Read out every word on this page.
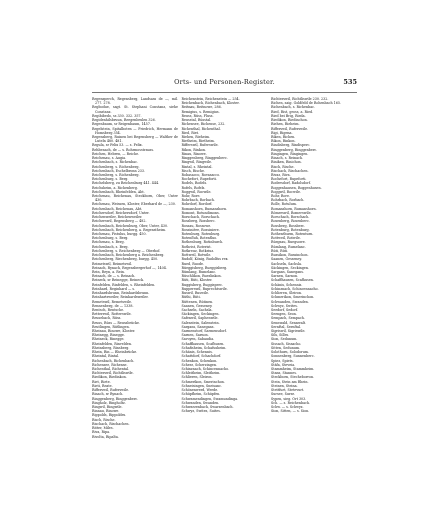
Orts- und Personen-Register.	535

Regensperch, Regensberg, Landsass de —, mil. 277. 278.

Regbodue, sagt. St. Stephani Constanz, siehe Constanz.

Regibibedo, ss 330. 332. 357.

Regidenhilsbruun, Reegenbrulen 326.

Regenbaum, sr Reigenbaum, 1457.

Regelstein, Spitalboten — Friedrich, Hermann de Homsberg 354.

Regensberg, Ruinen bei Regensberg — Walther de Luteln 480. 481.

Regula, sr Felix 53. — s. Felix.

Rehbenach, de — s. Rohrmosstrauss.

Reichen, Hebren, — Reiche.

Reichenau, s. Augia.

Reichenbach, s. Richenbac.

Reichenberg, s. Richenberg.

Reichenbach, Eschelbronn 233.

Reichenberg, s. Richenberg.

Reichenburg, s. Berg.

Reichelsberg, zu Reichenburg 441. 444.

Reichsheim, a. Richenberg.

Reichenbach, Rheinfelden, Abt.

Reichenau, Reichenau, Steckborn, Ober, Unter 430.

Reichenau, Weissen, Kloster, Eberhard de —, 230.

Reichenbach, Reichenau, Abt.

Reichersdorf, Reichersdorf, Unter.

Reichenweiler, Reichenweiler.

Reicherswil, Regensberg — 482.

Reichenbach, Reichenburg, Ober, Unter, 430.

Reichenbach, Reichenberg, a. Regenstheim.

Reichenau, Fistulus, burgg. 450.

Reichenburg, s. Berg.

Reichenau, s. Berg.

Reichenbach, s. Berg.

Reichenberg, s. Reichenberg — Oberhof.

Reichenbach, Reichenberg a. Reichenberg.

Reichenberg, Riechenberg, burgg. 450.

Reimetswil, Reimetswil.

Reinach, Rynach, Regensbergerhof —, 1404.

Rein, Reyn, a. Rein.

Reinach, de — s. Reinach.

Reineck, sr Reinegge, Reineck.

Reinfelden, Rinfelden, s. Rheinfelden.

Reinhard, Reginhard — s.

Reinhardsbrunn, Reinhardsbrunn.

Reinhartsweiler, Reinhardsweiler.

Remetswil, Remetswile.

Rennenberg, de — 1338.

Rentsch, Rentsche.

Retterswil, Rotterswile.

Reusebach, Rüss.

Reuss, Rüss — Reussbrücke.

Reutlingen, Rütlingen.

Rheinau, Rinowe, Kloster.

Rheinegg, Rinegge.

Rheineck, Rinegge.

Rheinfelden, Rinvelden.

Rheinsberg, Rinsberg.

Rhein, Rin — Rheinbrücke.

Rheintal, Rintal.

Richenbach, Richenbach.

Richensee, Richense.

Richenthal, Richental.

Richterswil, Richtliswile.

Riedikon, Riedinkon.

Riet, Riete.

Rieti, Reate.

Rifferswil, Ruferswile.

Rinach, sr Rynach.

Ringgenberg, Ringgenberc.

Ringholz, Ringholtz.

Ringwil, Ringwile.

Rinnau, Rinowe.

Rippolds, Rippoldes.

Risch, Rische.

Rischach, Rischachen.

Ritter, Miles.

Riva, Ripa.

Rivolta, Ripalta.

Reichenstein, Reichenstein — 254.

Reichenbach, Richenbach, Kloster.

Reitnau, Reitnowe, 286.

Remigius, s. Remigius.

Reuss, Rüss, Fluss.

Reusstal, Rüsstal.

Richensee, Richense, 232.

Richenthal, Richenthal.

Ried, Riet.

Riehen, Rieheim.

Rietheim, Rietheim.

Rifferswil, Ruferswile.

Rikon, Rinkon.

Rinau, Rinowe.

Ringgenberg, Ringgenberc.

Ringwil, Ringwile.

Rintal, s. Rheintal.

Risch, Rische.

Robasacco, Rovasacco.

Rochefort, Rupeforti.

Rodels, Rodels.

Rofels, Rofels.

Roggwil, Rocwile.

Rohr, Rore.

Rohrbach, Rorbach.

Rohrdorf, Rordorf.

Romanshorn, Rumanshorn.

Romont, Rotundimons.

Rorschach, Rorschach.

Rossberg, Rossberc.

Rossau, Rossowe.

Rossinière, Rossiniere.

Rotenburg, Rotenburg.

Rotenfluh, Rotenfluo.

Rothenburg, Rotinburch.

Rothrist, Roterist.

Rotkreuz, Rotkriuz.

Rottweil, Rotwile.

Rudolf, König, Rudolfus rex.

Rued, Ruode.

Rüeggisberg, Rueggisberg.

Rümlang, Rumelanc.

Rüschlikon, Rueslinkon.

Rüti, Rüti, Kloster.

Ruggisberg, Ruggisperc.

Rupperswil, Ruprechtswile.

Ruswil, Ruswile.

Rüthi, Rüti.

Rüttenen, Rütinen.

Saanen, Gesseney.

Sachseln, Sachsla.

Säckingen, Seckingen.

Safenwil, Saphenwile.

Salenstein, Salenstein.

Sargans, Sanegans.

Sarmenstorf, Sarmensdorf.

Sarnen, Sarnon.

Savoyen, Sabaudia.

Schaffhausen, Scafhusen.

Schafisheim, Schafusheim.

Schänis, Schennis.

Schattdorf, Schachdorf.

Schenkon, Schenkon.

Scherz, Scherzingen.

Schinznach, Schincennacho.

Schleitheim, Sleitheim.

Schlieren, Sleiron.

Schmerikon, Smerinchon.

Schneisingen, Sneisanc.

Schönenwerd, Werde.

Schüpfheim, Schüpfen.

Schwamendingen, Swamundinga.

Schwanden, Swanden.

Schwarzenbach, Swarzenbach.

Schwyz, Swites, Suites.

Richterswil, Richtliswile 230. 232.

Richen, saig. Goldfeld de Rohenbach 165.

Richenbach, s. Richenbac.

Ried, Rist, gross, a. Ried.

Ried bei Brig, Rieda.

Riedikon, Riedinchon.

Riehen, Rieheim.

Rifferswil, Ruferswile.

Rigi, Rigena.

Riken, Richen.

Rikon, Rinkon.

Rindisberg, Rindisperc.

Ringgenberg, Ringgenberc.

Ringingen, Ringingen.

Rinach, s. Reinach.

Riniken, Rinichon.

Risch, Rische.

Rischach, Rischachen.

Rivaz, Riva.

Rochefort, Rupeforti.

Rodersdorf, Radolsdorf.

Roggenhausen, Roggenhusen.

Roggwil, Rocwile.

Rohr, Rore.

Rohrbach, Rorbach.

Rolle, Rotulum.

Romanshorn, Rumanshorn.

Römerswil, Romerswile.

Rorschach, Rorschach.

Rosenberg, Rosenberc.

Rossberg, Rossberc.

Rotenburg, Rotenburg.

Rothenthurm, Rotenturn.

Rottweil, Rotwile.

Rüegsau, Ruegsowe.

Rümlang, Rumelanc.

Rüti, Rüti.

Russikon, Russinchon.

Saanen, Gesseney.

Sachseln, Sachsla.

Säckingen, Seckingen.

Sargans, Sanegans.

Sarnen, Sarnon.

Schaffhausen, Scafhusen.

Schänis, Schennis.

Schinznach, Schincennacho.

Schlieren, Sleiron.

Schmerikon, Smerinchon.

Schwanden, Swanden.

Schwyz, Swites.

Seedorf, Sedorf.

Seengen, Seon.

Sempach, Sempach.

Sennwald, Sennwalt.

Sernftal, Sernftal.

Sigriswil, Sigriswile.

Sils, Silles.

Sion, Sedunum.

Sissach, Sissacho.

Sitten, Sedunum.

Solothurn, Solodorum.

Sonnenberg, Sunnenberc.

Spiez, Spiets.

Stäfa, Steveia.

Stammheim, Stammheim.

Stans, Stannes.

Steckborn, Stecheborron.

Stein, Stein am Rhein.

Steinen, Steina.

Stettfurt, Stetevurt.

Sursee, Surse.

Sypen, sieg. Ort 303.

Sch. — s. Reichenbach.

Schw. — s. Schwyz.

Sion, Sitten, — s. Sion.
